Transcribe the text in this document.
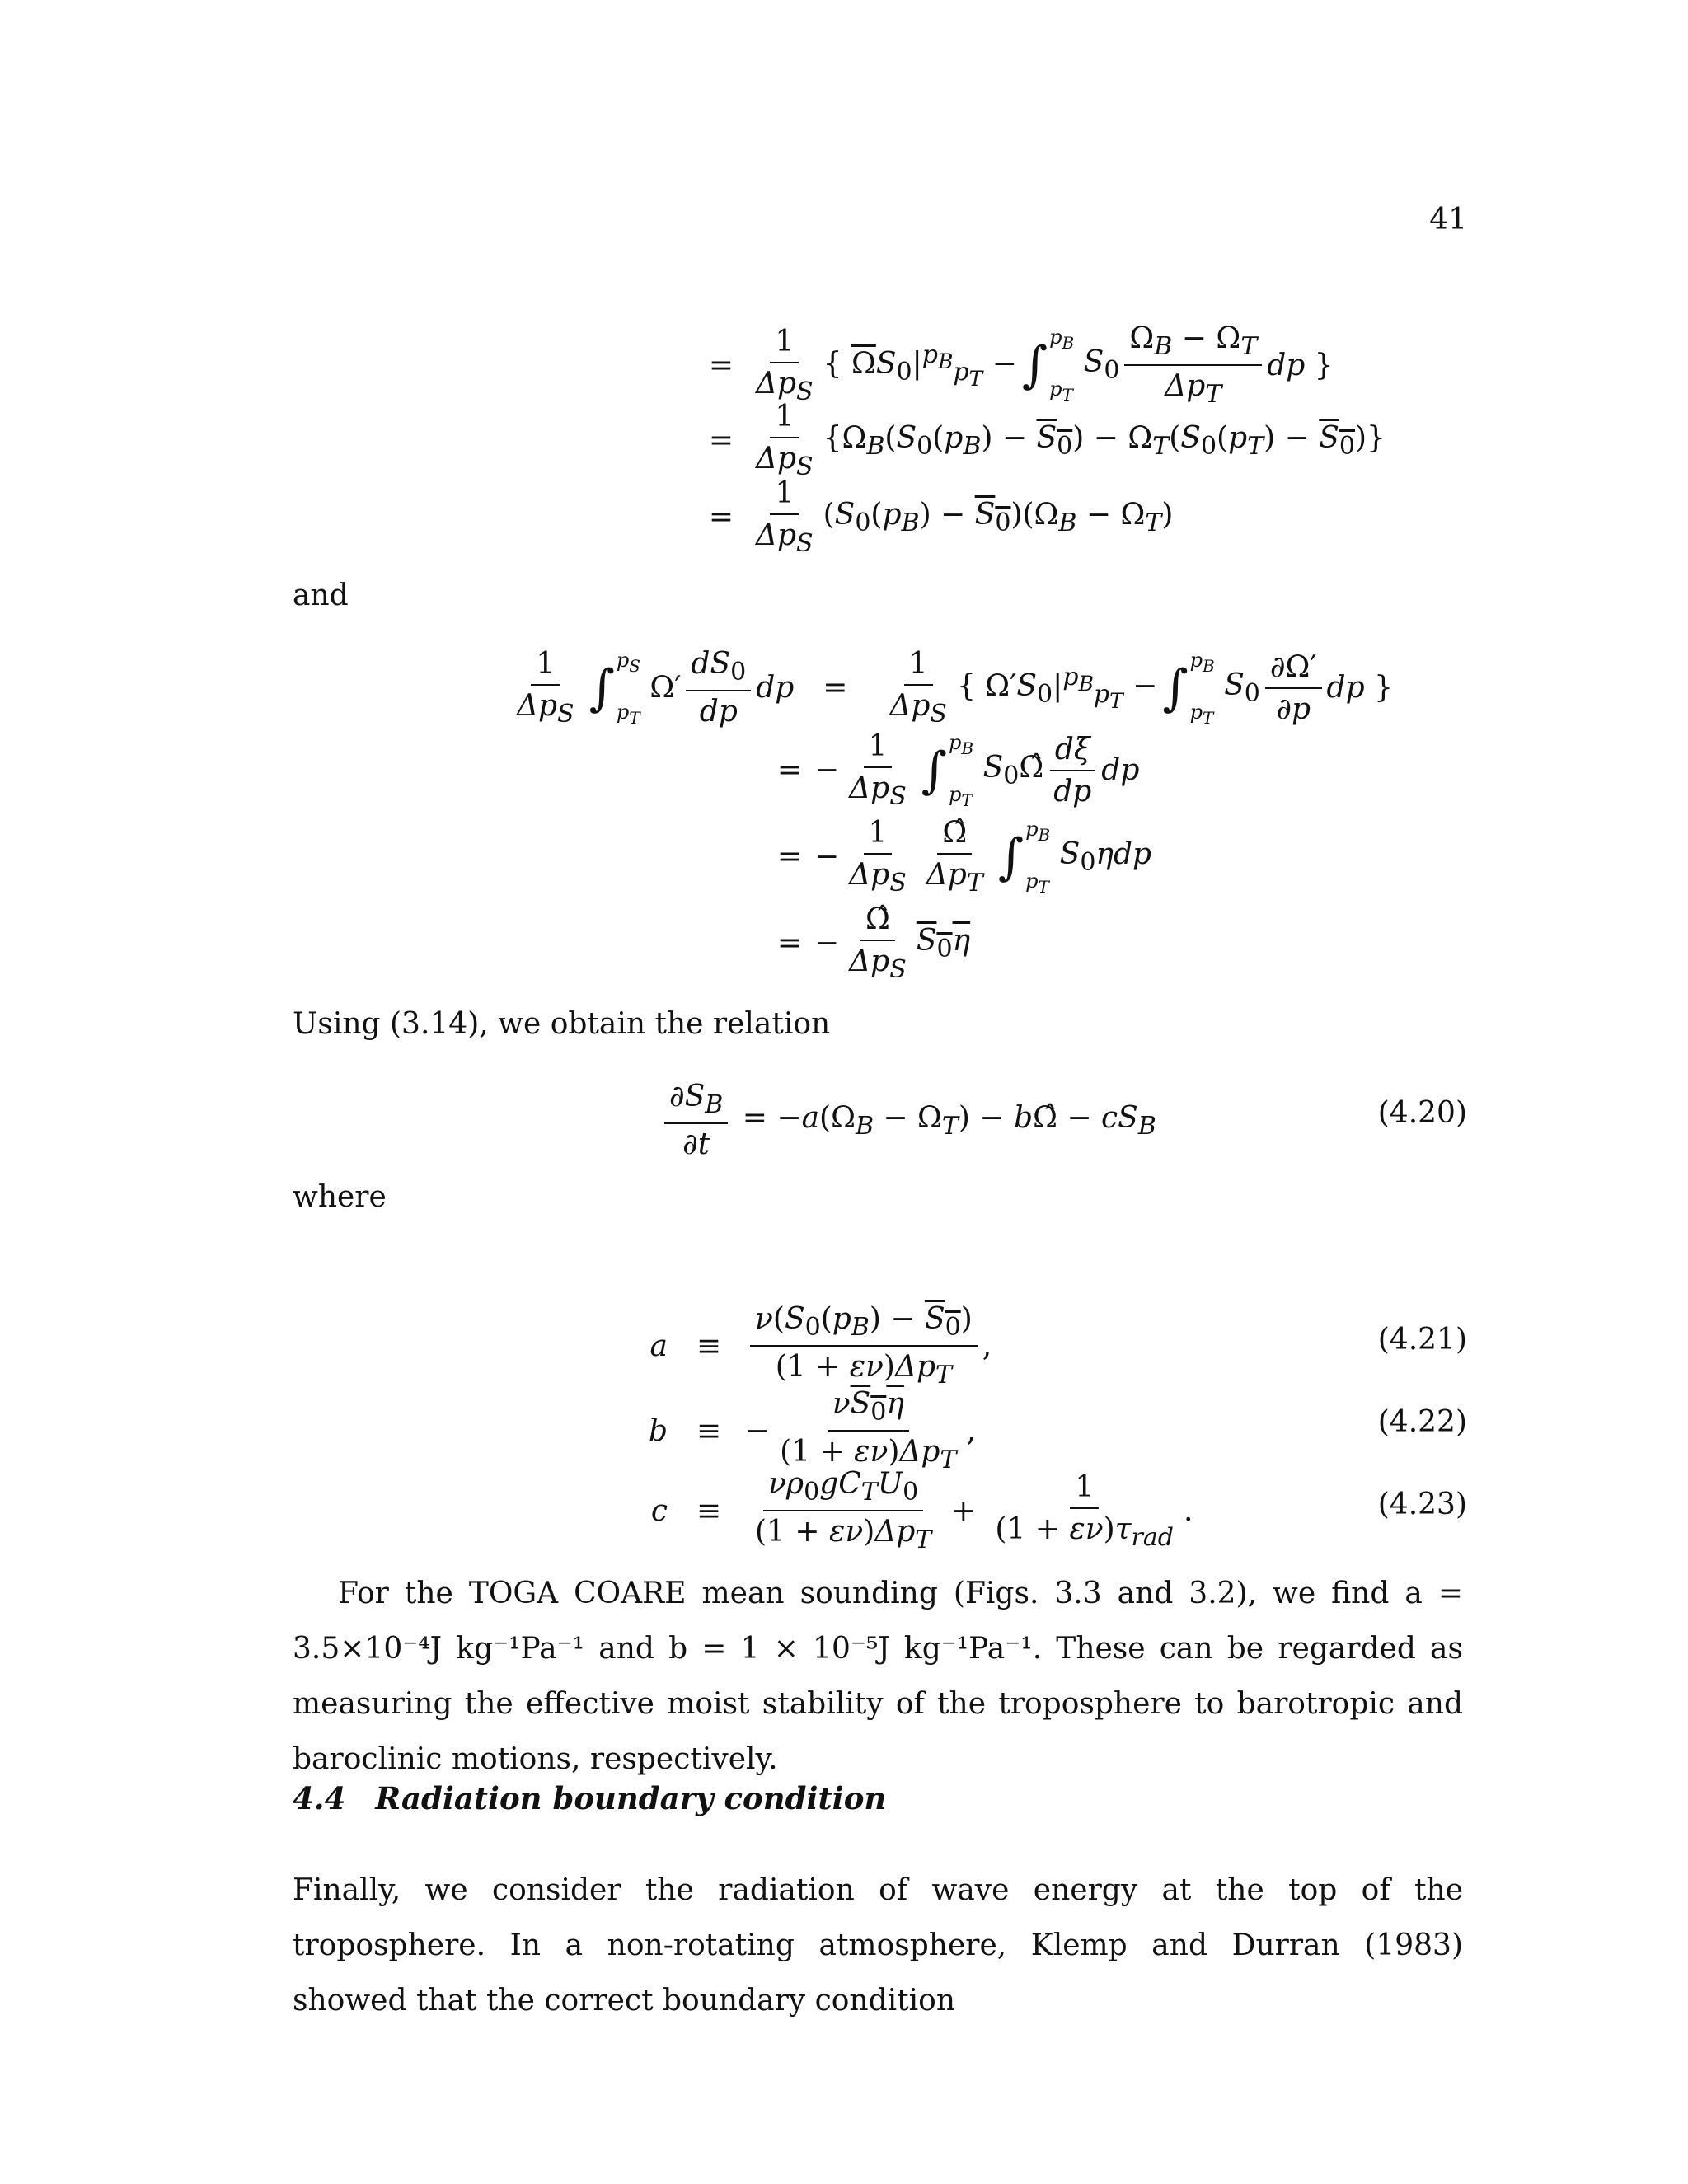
41
= $\frac{1}{\Delta p_S}$ { $\overline{\Omega}S_0|^{p_B}_{p_T}$ − ∫ $p_B$
$p_T$
$S_0 \frac{\Omega_B - \Omega_T}{\Delta p_T}$ dp }
= $\frac{1}{\Delta p_S} \{\Omega_B(S_0(p_B) - S_0) - \Omega_T(S_0(p_T) - S_0)\}$
= $\frac{1}{\Delta p_S} (S_0(p_B) - S_0)(\Omega_B - \Omega_T)$
and
$\frac{1}{\Delta p_S}$ ∫ $p_S$
$p_T$
$\Omega' \frac{dS_0}{dp}$ dp =	$\frac{1}{\Delta p_S}$ { $\Omega'S_0|^{p_B}_{p_T}$ − ∫ $p_B$
$p_T$
$S_0 \frac{\partial\Omega'}{\partial p}$ dp }
= − $\frac{1}{\Delta p_S}$ ∫ $p_B$
$p_T$
$S_0\Omegâ \frac{d\xi}{dp}$ dp
= − $\frac{1}{\Delta p_S} \frac{\Omegâ}{\Delta p_T}$ ∫ $p_B$
$p_T$
$S_0\eta dp$
= − $\frac{\Omegâ}{\Delta p_S} S_0\eta$
Using (3.14), we obtain the relation
$\frac{\partial S_B}{\partial t} = -a(\Omega_B - \Omega_T)$ − bΩ̂ − $cS_B$	(4.20)
where
$a \equiv \frac{\nu(S_0(p_B) - S_0)}{(1 + \varepsilon\nu)\Delta p_T}$ ,	(4.21)
b ≡ − $\frac{\nu S_0\eta}{(1 + \varepsilon\nu)\Delta p_T}$ ,	(4.22)
$c \equiv \frac{\nu\rho_0gC_TU_0}{(1 + \varepsilon\nu)\Delta p_T} + \frac{1}{(1 + \varepsilon\nu)\tau_{rad}}$ .	(4.23)
For the TOGA COARE mean sounding (Figs. 3.3 and 3.2), we find a = 3.5×10⁻⁴J kg⁻¹Pa⁻¹ and b = 1 × 10⁻⁵J kg⁻¹Pa⁻¹. These can be regarded as measuring the effective moist stability of the troposphere to barotropic and baroclinic motions, respectively.
4.4 Radiation boundary condition
Finally, we consider the radiation of wave energy at the top of the troposphere. In a non-rotating atmosphere, Klemp and Durran (1983) showed that the correct boundary condition
